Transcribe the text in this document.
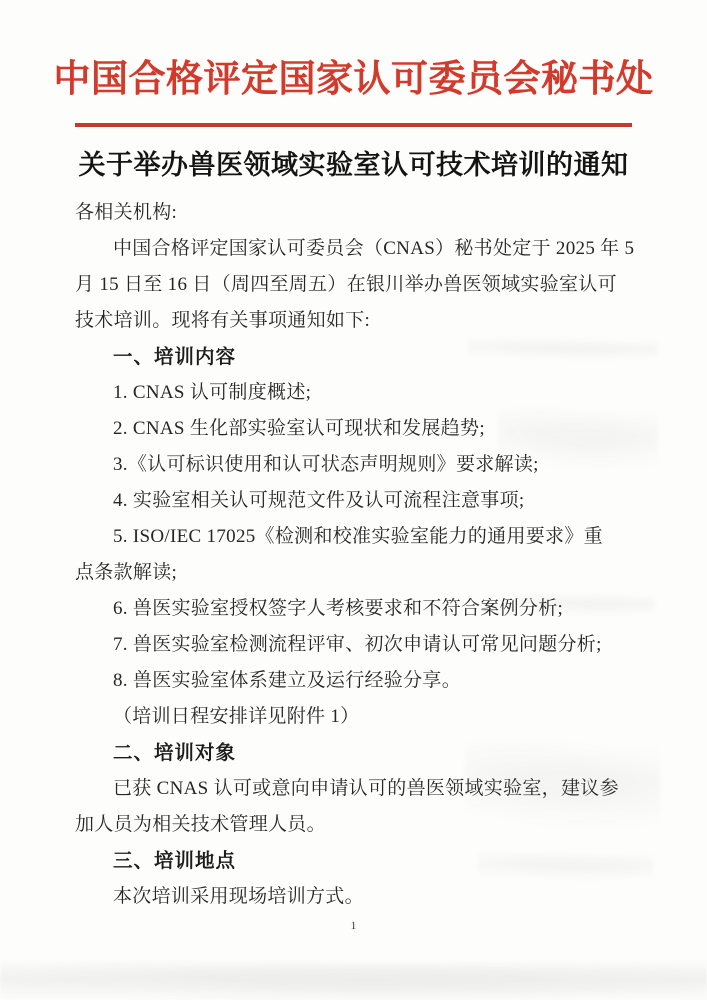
中国合格评定国家认可委员会秘书处
关于举办兽医领域实验室认可技术培训的通知
各相关机构:
中国合格评定国家认可委员会（CNAS）秘书处定于 2025 年 5
月 15 日至 16 日（周四至周五）在银川举办兽医领域实验室认可
技术培训。现将有关事项通知如下:
一、培训内容
1. CNAS 认可制度概述;
2. CNAS 生化部实验室认可现状和发展趋势;
3.《认可标识使用和认可状态声明规则》要求解读;
4. 实验室相关认可规范文件及认可流程注意事项;
5. ISO/IEC 17025《检测和校准实验室能力的通用要求》重
点条款解读;
6. 兽医实验室授权签字人考核要求和不符合案例分析;
7. 兽医实验室检测流程评审、初次申请认可常见问题分析;
8. 兽医实验室体系建立及运行经验分享。
（培训日程安排详见附件 1）
二、培训对象
已获 CNAS 认可或意向申请认可的兽医领域实验室，建议参
加人员为相关技术管理人员。
三、培训地点
本次培训采用现场培训方式。
1
